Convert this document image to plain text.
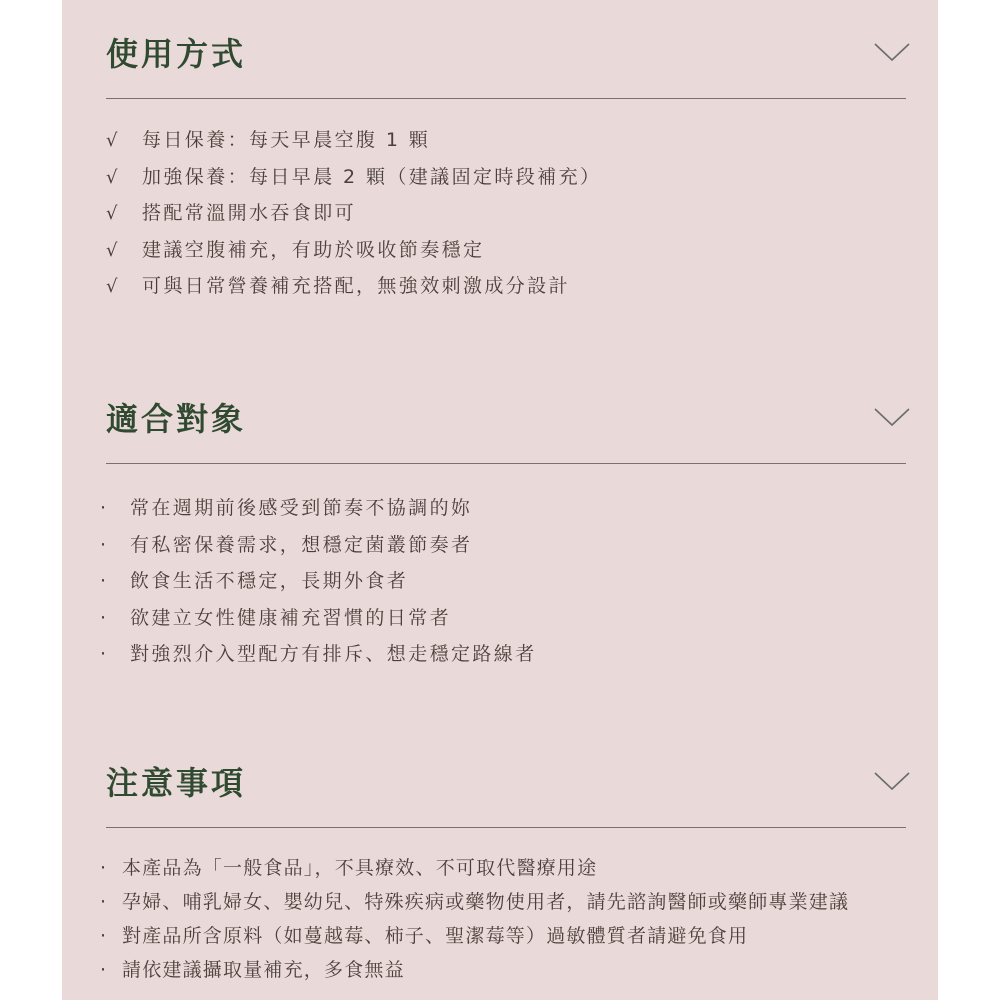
使用方式
√ 每日保養：每天早晨空腹 1 顆
√ 加強保養：每日早晨 2 顆（建議固定時段補充）
√ 搭配常溫開水吞食即可
√ 建議空腹補充，有助於吸收節奏穩定
√ 可與日常營養補充搭配，無強效刺激成分設計
適合對象
· 常在週期前後感受到節奏不協調的妳
· 有私密保養需求，想穩定菌叢節奏者
· 飲食生活不穩定，長期外食者
· 欲建立女性健康補充習慣的日常者
· 對強烈介入型配方有排斥、想走穩定路線者
注意事項
· 本產品為「一般食品」，不具療效、不可取代醫療用途
· 孕婦、哺乳婦女、嬰幼兒、特殊疾病或藥物使用者，請先諮詢醫師或藥師專業建議
· 對產品所含原料（如蔓越莓、柿子、聖潔莓等）過敏體質者請避免食用
· 請依建議攝取量補充，多食無益
